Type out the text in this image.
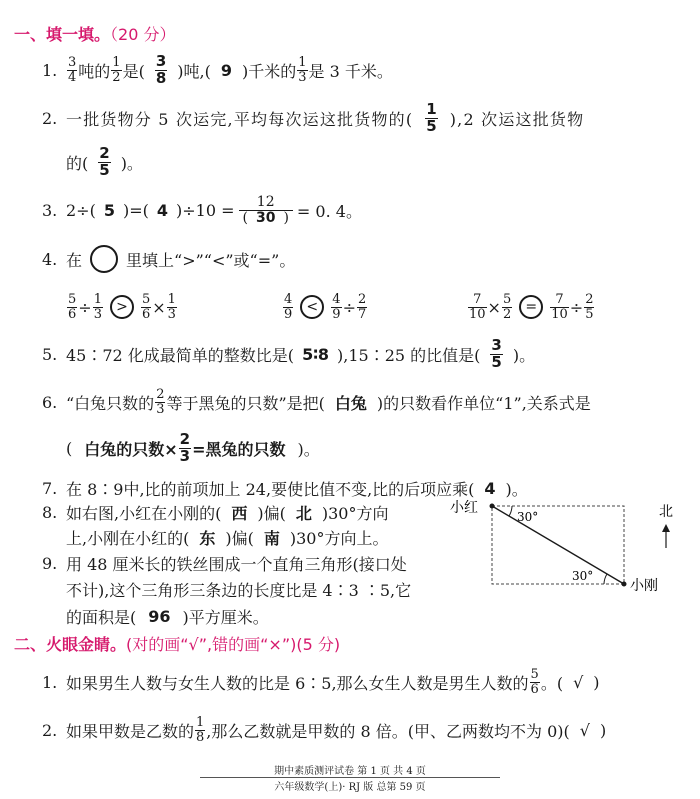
一、填一填。（20 分）
1. $\frac{3}{4}$ 吨的 $\frac{1}{2}$ 是( $\frac{3}{8}$ )吨,( 9 )千米的 $\frac{1}{3}$ 是 3 千米。
2. 一批货物分 5 次运完,平均每次运这批货物的( $\frac{1}{5} ),2$ 次运这批货物
的( $\frac{2}{5}$ )。
3. 2÷( 5 )=( 4 )$\div 10 = \frac{12}{( 30 )} = 0$. 4。
4. 在	里填上“>”“<”或“=”。
$\frac{5}{6} \div \frac{1}{3}$ >	$\frac{5}{6} \times \frac{1}{3}$	$\frac{4}{9}$ <	$\frac{4}{9} \div \frac{2}{7}$	$\frac{7}{10} \times \frac{5}{2}$ =	$\frac{7}{10} \div \frac{2}{5}$
5. 45∶72 化成最简单的整数比是( 5∶8 ),15∶25 的比值是( $\frac{3}{5}$ )。
6. “白兔只数的 $\frac{2}{3}$ 等于黑兔的只数”是把( 白兔 )的只数看作单位“1”,关系式是
( 白兔的只数× $\frac{2}{3}$ =黑兔的只数 )。
7. 在 8∶9中,比的前项加上 24,要使比值不变,比的后项应乘( 4 )。
8. 如右图,小红在小刚的( 西 )偏( 北 )30°方向
上,小刚在小红的( 东 )偏( 南 )30°方向上。
9. 用 48 厘米长的铁丝围成一个直角三角形(接口处
不计),这个三角形三条边的长度比是 4∶3 ∶5,它
的面积是( 96 )平方厘米。
小红
30°
30°
小刚
北
二、火眼金睛。(对的画“√”,错的画“×”)(5 分)
1. 如果男生人数与女生人数的比是 6∶5,那么女生人数是男生人数的 $\frac{5}{6}$ 。( √ )
2. 如果甲数是乙数的 $\frac{1}{8}$ ,那么乙数就是甲数的 8 倍。(甲、乙两数均不为 0)( √ )
期中素质测评试卷 第 1 页 共 4 页
六年级数学(上)· RJ 版 总第 59 页
